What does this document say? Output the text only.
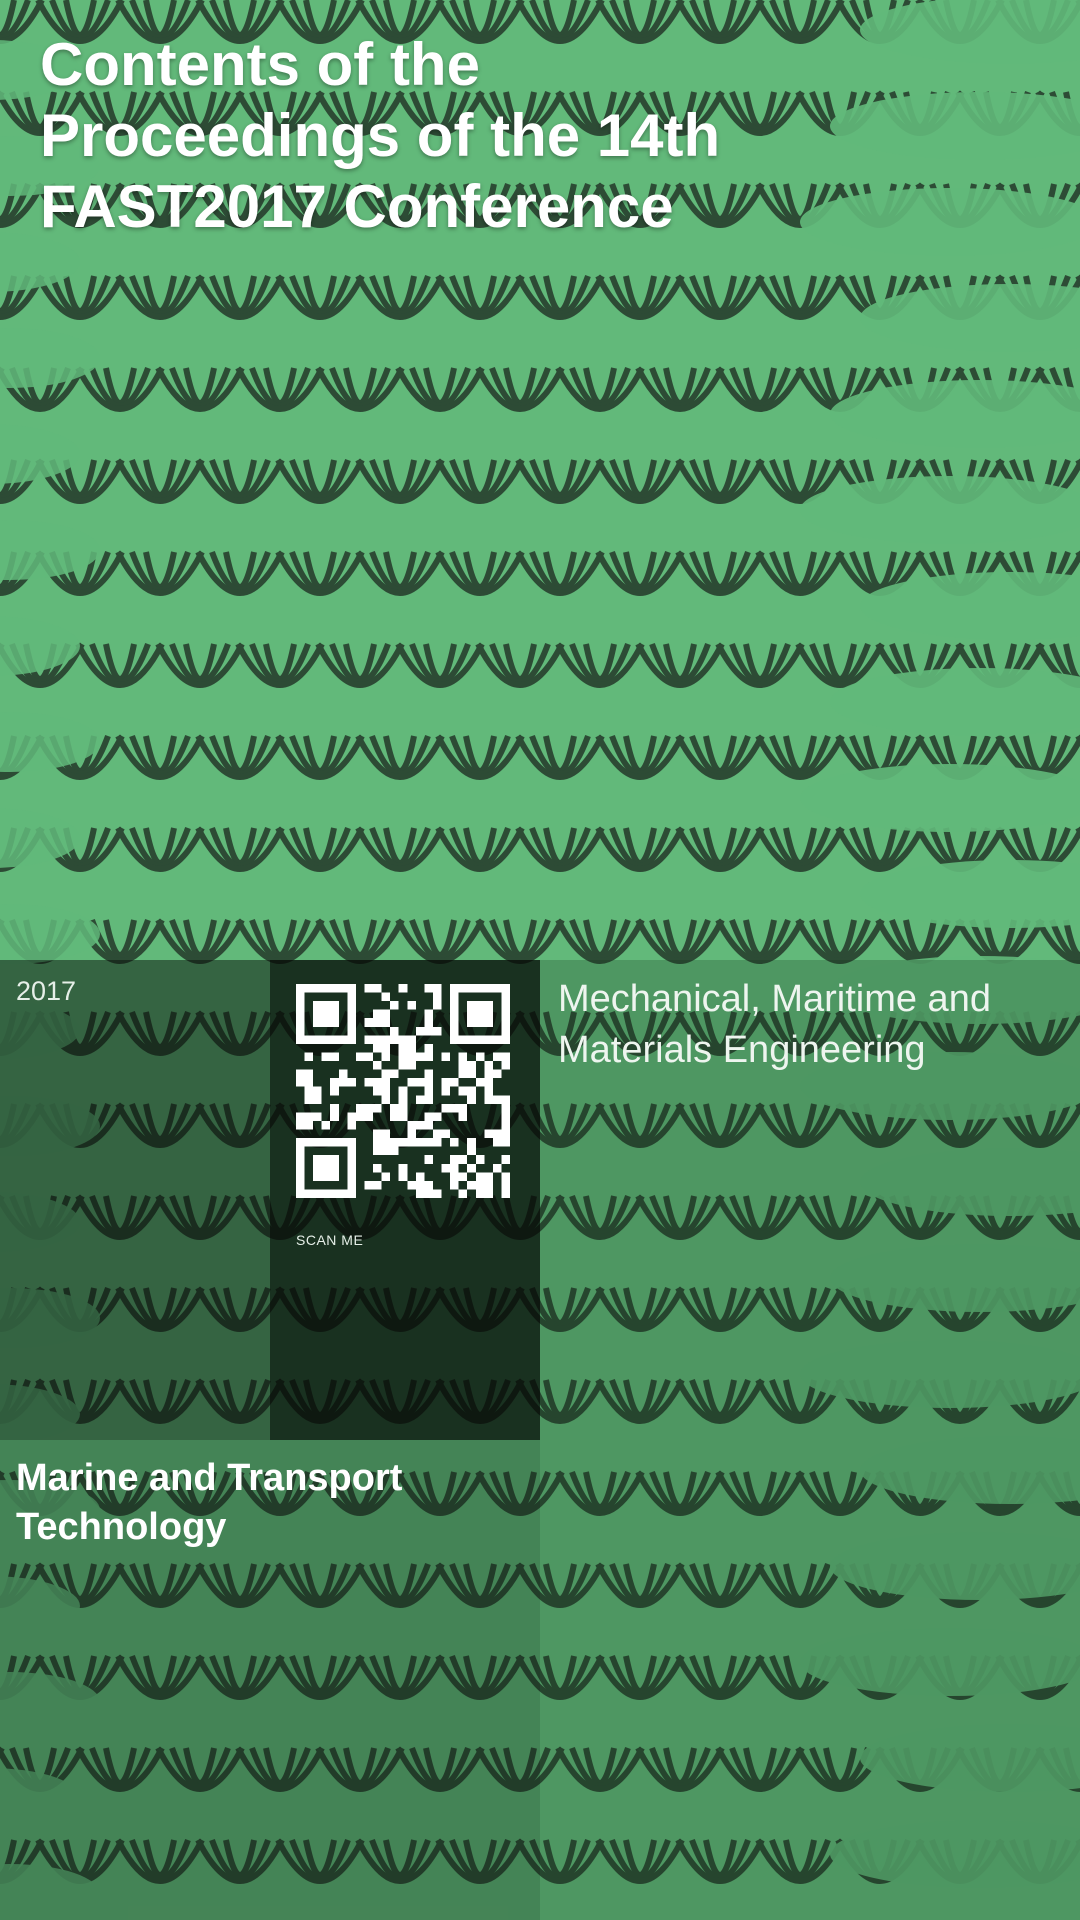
Contents of the Proceedings of the 14th FAST2017 Conference

2017

SCAN ME

Mechanical, Maritime and Materials Engineering

Marine and Transport Technology
